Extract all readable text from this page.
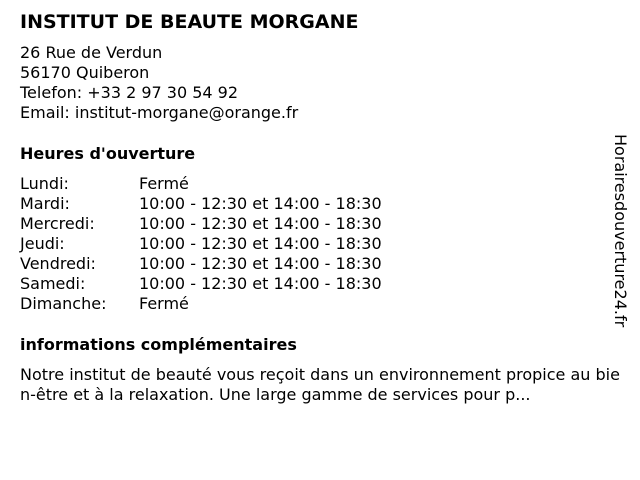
INSTITUT DE BEAUTE MORGANE
26 Rue de Verdun
56170 Quiberon
Telefon: +33 2 97 30 54 92
Email: institut-morgane@orange.fr
Heures d'ouverture
Lundi:	Fermé
Mardi:	10:00 - 12:30 et 14:00 - 18:30
Mercredi:	10:00 - 12:30 et 14:00 - 18:30
Jeudi:	10:00 - 12:30 et 14:00 - 18:30
Vendredi:	10:00 - 12:30 et 14:00 - 18:30
Samedi:	10:00 - 12:30 et 14:00 - 18:30
Dimanche:	Fermé
informations complémentaires
Notre institut de beauté vous reçoit dans un environnement propice au bien-être et à la relaxation. Une large gamme de services pour p...
Horairesdouverture24.fr
